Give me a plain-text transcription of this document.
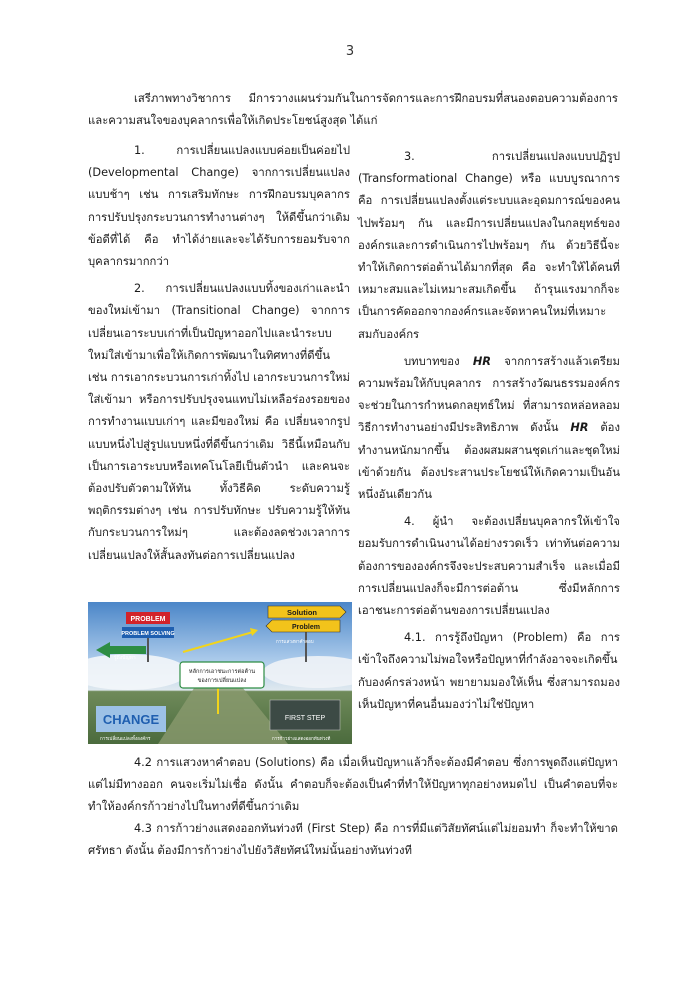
3

เสรีภาพทางวิชาการ มีการวางแผนร่วมกันในการจัดการและการฝึกอบรมที่สนองตอบความต้องการและความสนใจของบุคลากรเพื่อให้เกิดประโยชน์สูงสุด ได้แก่

1. การเปลี่ยนแปลงแบบค่อยเป็นค่อยไป (Developmental Change) จากการเปลี่ยนแปลงแบบช้าๆ เช่น การเสริมทักษะ การฝึกอบรมบุคลากร การปรับปรุงกระบวนการทำงานต่างๆ ให้ดีขึ้นกว่าเดิม ข้อดีที่ได้ คือ ทำได้ง่ายและจะได้รับการยอมรับจากบุคลากรมากกว่า

2. การเปลี่ยนแปลงแบบทิ้งของเก่าและนำของใหม่เข้ามา (Transitional Change) จากการเปลี่ยนเอาระบบเก่าที่เป็นปัญหาออกไปและนำระบบใหม่ใส่เข้ามาเพื่อให้เกิดการพัฒนาในทิศทางที่ดีขึ้น เช่น การเอากระบวนการเก่าทิ้งไป เอากระบวนการใหม่ใส่เข้ามา หรือการปรับปรุงจนแทบไม่เหลือร่องรอยของการทำงานแบบเก่าๆ และมีของใหม่ คือ เปลี่ยนจากรูปแบบหนึ่งไปสู่รูปแบบหนึ่งที่ดีขึ้นกว่าเดิม วิธีนี้เหมือนกับเป็นการเอาระบบหรือเทคโนโลยีเป็นตัวนำ และคนจะต้องปรับตัวตามให้ทัน ทั้งวิธีคิด ระดับความรู้ พฤติกรรมต่างๆ เช่น การปรับทักษะ ปรับความรู้ให้ทันกับกระบวนการใหม่ๆ และต้องลดช่วงเวลาการเปลี่ยนแปลงให้สั้นลงทันต่อการเปลี่ยนแปลง

3. การเปลี่ยนแปลงแบบปฏิรูป (Transformational Change) หรือ แบบบูรณาการ คือ การเปลี่ยนแปลงตั้งแต่ระบบและอุดมการณ์ของคนไปพร้อมๆ กัน และมีการเปลี่ยนแปลงในกลยุทธ์ขององค์กรและการดำเนินการไปพร้อมๆ กัน ด้วยวิธีนี้จะทำให้เกิดการต่อต้านได้มากที่สุด คือ จะทำให้ได้คนที่เหมาะสมและไม่เหมาะสมเกิดขึ้น ถ้ารุนแรงมากก็จะเป็นการคัดออกจากองค์กรและจัดหาคนใหม่ที่เหมาะสมกับองค์กร

บทบาทของ HR จากการสร้างแล้วเตรียมความพร้อมให้กับบุคลากร การสร้างวัฒนธรรมองค์กร จะช่วยในการกำหนดกลยุทธ์ใหม่ ที่สามารถหล่อหลอมวิธีการทำงานอย่างมีประสิทธิภาพ ดังนั้น HR ต้องทำงานหนักมากขึ้น ต้องผสมผสานชุดเก่าและชุดใหม่เข้าด้วยกัน ต้องประสานประโยชน์ให้เกิดความเป็นอันหนึ่งอันเดียวกัน

4. ผู้นำ จะต้องเปลี่ยนบุคลากรให้เข้าใจยอมรับการดำเนินงานได้อย่างรวดเร็ว เท่าทันต่อความต้องการขององค์กรจึงจะประสบความสำเร็จ และเมื่อมีการเปลี่ยนแปลงก็จะมีการต่อต้าน ซึ่งมีหลักการเอาชนะการต่อต้านของการเปลี่ยนแปลง

4.1. การรู้ถึงปัญหา (Problem) คือ การเข้าใจถึงความไม่พอใจหรือปัญหาที่กำลังอาจจะเกิดขึ้นกับองค์กรล่วงหน้า พยายามมองให้เห็น ซึ่งสามารถมองเห็นปัญหาที่คนอื่นมองว่าไม่ใช่ปัญหา

PROBLEM
PROBLEM SOLVING
รู้ถึงปัญหา
Solution
Problem
การแสวงหาคำตอบ
หลักการเอาชนะการต่อต้าน
ของการเปลี่ยนแปลง
CHANGE
การเปลี่ยนแปลงทั้งองค์กร
FIRST STEP
การก้าวย่างแสดงออกทันท่วงที

4.2 การแสวงหาคำตอบ (Solutions) คือ เมื่อเห็นปัญหาแล้วก็จะต้องมีคำตอบ ซึ่งการพูดถึงแต่ปัญหาแต่ไม่มีทางออก คนจะเริ่มไม่เชื่อ ดังนั้น คำตอบก็จะต้องเป็นคำที่ทำให้ปัญหาทุกอย่างหมดไป เป็นคำตอบที่จะทำให้องค์กรก้าวย่างไปในทางที่ดีขึ้นกว่าเดิม

4.3 การก้าวย่างแสดงออกทันท่วงที (First Step) คือ การที่มีแต่วิสัยทัศน์แต่ไม่ยอมทำ ก็จะทำให้ขาดศรัทธา ดังนั้น ต้องมีการก้าวย่างไปยังวิสัยทัศน์ใหม่นั้นอย่างทันท่วงที
